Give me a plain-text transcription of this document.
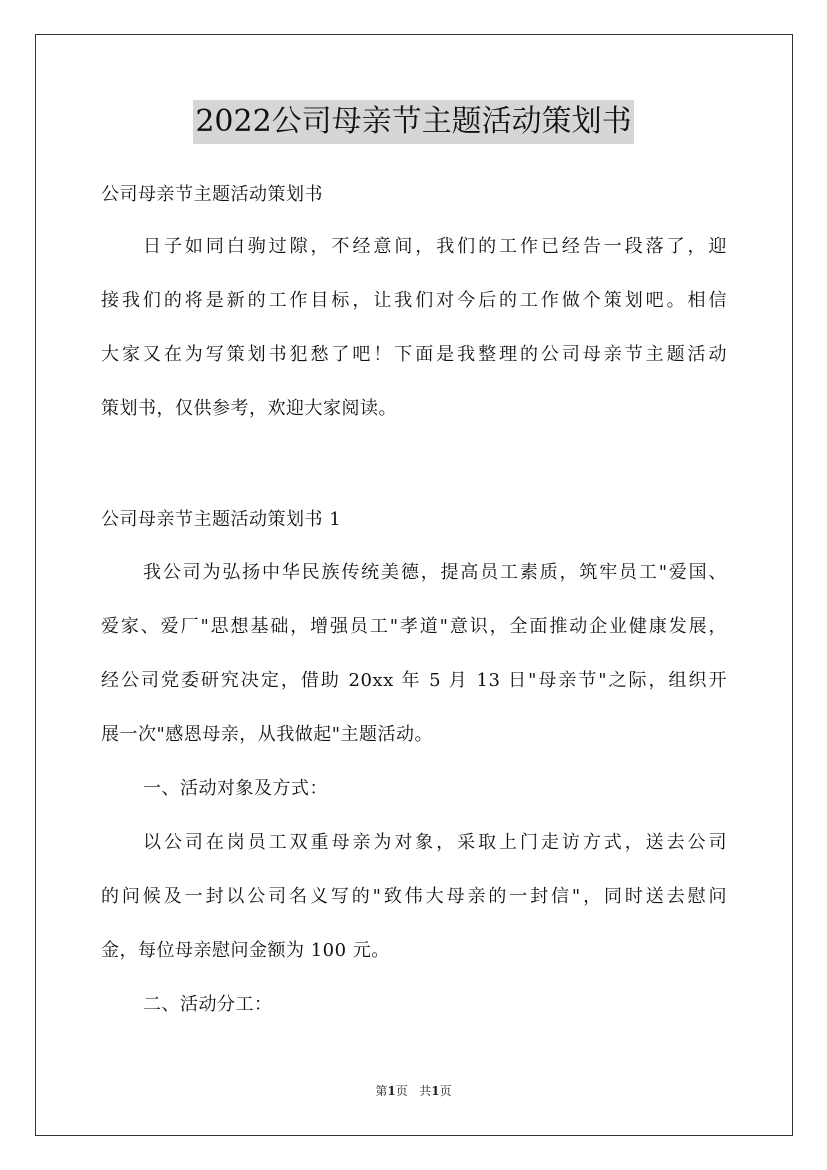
2022公司母亲节主题活动策划书

公司母亲节主题活动策划书

日子如同白驹过隙，不经意间，我们的工作已经告一段落了，迎

接我们的将是新的工作目标，让我们对今后的工作做个策划吧。相信

大家又在为写策划书犯愁了吧！下面是我整理的公司母亲节主题活动

策划书，仅供参考，欢迎大家阅读。

公司母亲节主题活动策划书 1

我公司为弘扬中华民族传统美德，提高员工素质，筑牢员工"爱国、

爱家、爱厂"思想基础，增强员工"孝道"意识，全面推动企业健康发展，

经公司党委研究决定，借助 20xx 年 5 月 13 日"母亲节"之际，组织开

展一次"感恩母亲，从我做起"主题活动。

一、活动对象及方式：

以公司在岗员工双重母亲为对象，采取上门走访方式，送去公司

的问候及一封以公司名义写的"致伟大母亲的一封信"，同时送去慰问

金，每位母亲慰问金额为 100 元。

二、活动分工：

第1页 共1页
